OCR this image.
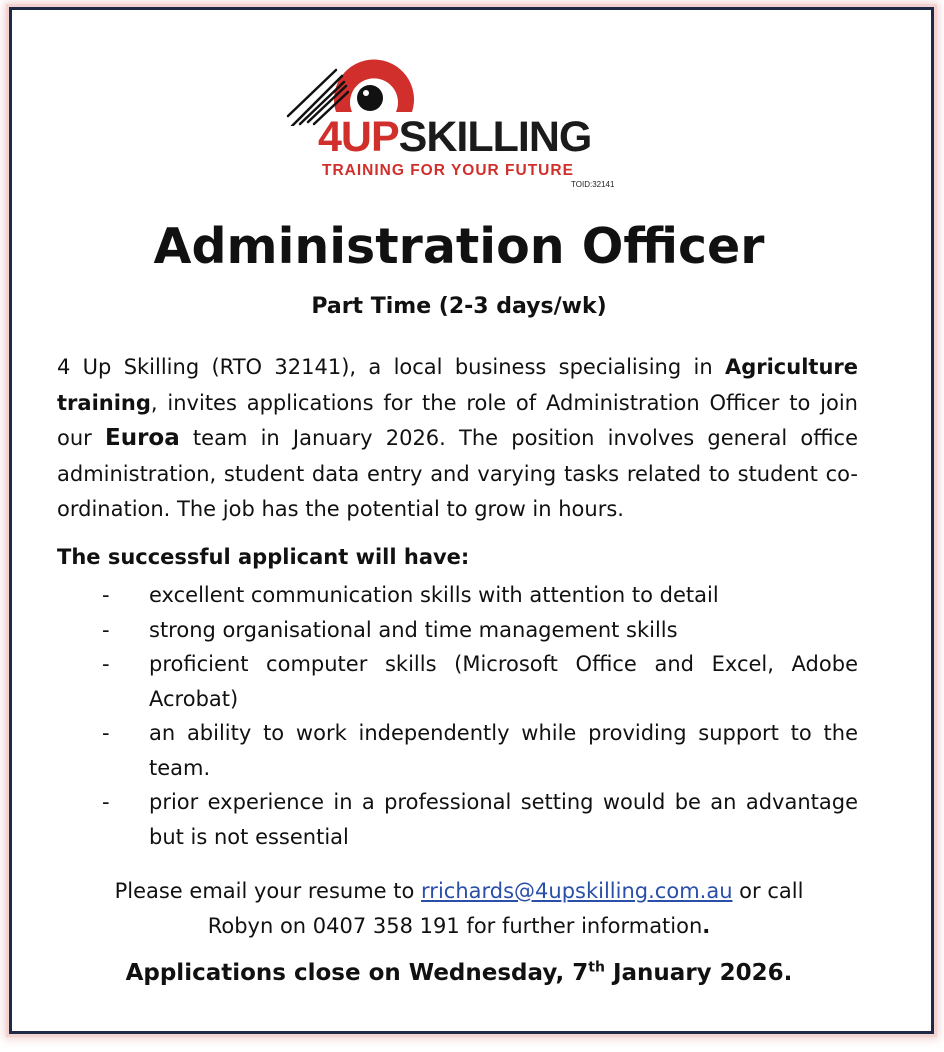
4UPSKILLING
TRAINING FOR YOUR FUTURE
TOID:32141
Administration Officer
Part Time (2-3 days/wk)

4 Up Skilling (RTO 32141), a local business specialising in Agriculture training, invites applications for the role of Administration Officer to join our Euroa team in January 2026. The position involves general office administration, student data entry and varying tasks related to student co-ordination. The job has the potential to grow in hours.

The successful applicant will have:
- excellent communication skills with attention to detail
- strong organisational and time management skills
- proficient computer skills (Microsoft Office and Excel, Adobe Acrobat)
- an ability to work independently while providing support to the team.
- prior experience in a professional setting would be an advantage but is not essential
Please email your resume to rrichards@4upskilling.com.au or call
Robyn on 0407 358 191 for further information.
Applications close on Wednesday, 7th January 2026.
